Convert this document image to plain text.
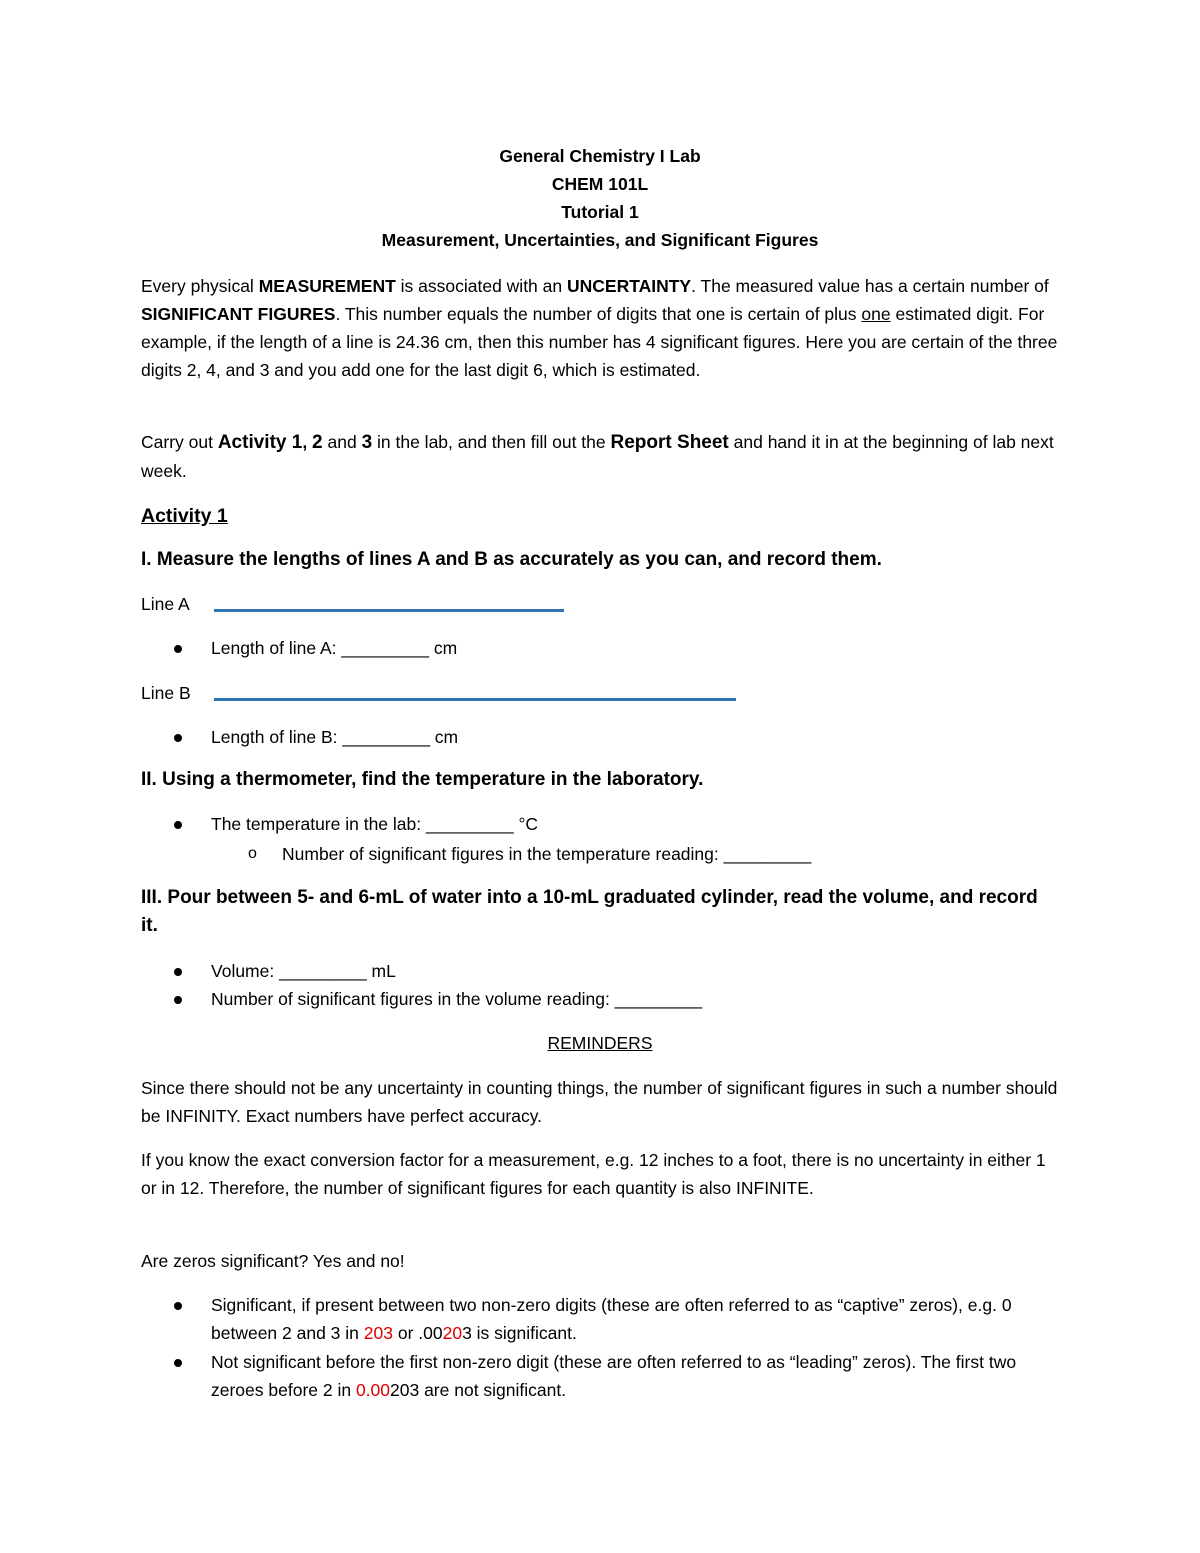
General Chemistry I Lab
CHEM 101L
Tutorial 1
Measurement, Uncertainties, and Significant Figures
Every physical MEASUREMENT is associated with an UNCERTAINTY. The measured value has a certain number of SIGNIFICANT FIGURES. This number equals the number of digits that one is certain of plus one estimated digit. For example, if the length of a line is 24.36 cm, then this number has 4 significant figures. Here you are certain of the three digits 2, 4, and 3 and you add one for the last digit 6, which is estimated.
Carry out Activity 1, 2 and 3 in the lab, and then fill out the Report Sheet and hand it in at the beginning of lab next week.
Activity 1
I. Measure the lengths of lines A and B as accurately as you can, and record them.
Line A
Length of line A: _________ cm
Line B
Length of line B: _________ cm
II. Using a thermometer, find the temperature in the laboratory.
The temperature in the lab: _________ °C
o Number of significant figures in the temperature reading: _________
III. Pour between 5- and 6-mL of water into a 10-mL graduated cylinder, read the volume, and record it.
Volume: _________ mL
Number of significant figures in the volume reading: _________
REMINDERS
Since there should not be any uncertainty in counting things, the number of significant figures in such a number should be INFINITY. Exact numbers have perfect accuracy.
If you know the exact conversion factor for a measurement, e.g. 12 inches to a foot, there is no uncertainty in either 1 or in 12. Therefore, the number of significant figures for each quantity is also INFINITE.
Are zeros significant? Yes and no!
Significant, if present between two non-zero digits (these are often referred to as “captive” zeros), e.g. 0 between 2 and 3 in 203 or .00203 is significant.
Not significant before the first non-zero digit (these are often referred to as “leading” zeros). The first two zeroes before 2 in 0.00203 are not significant.
